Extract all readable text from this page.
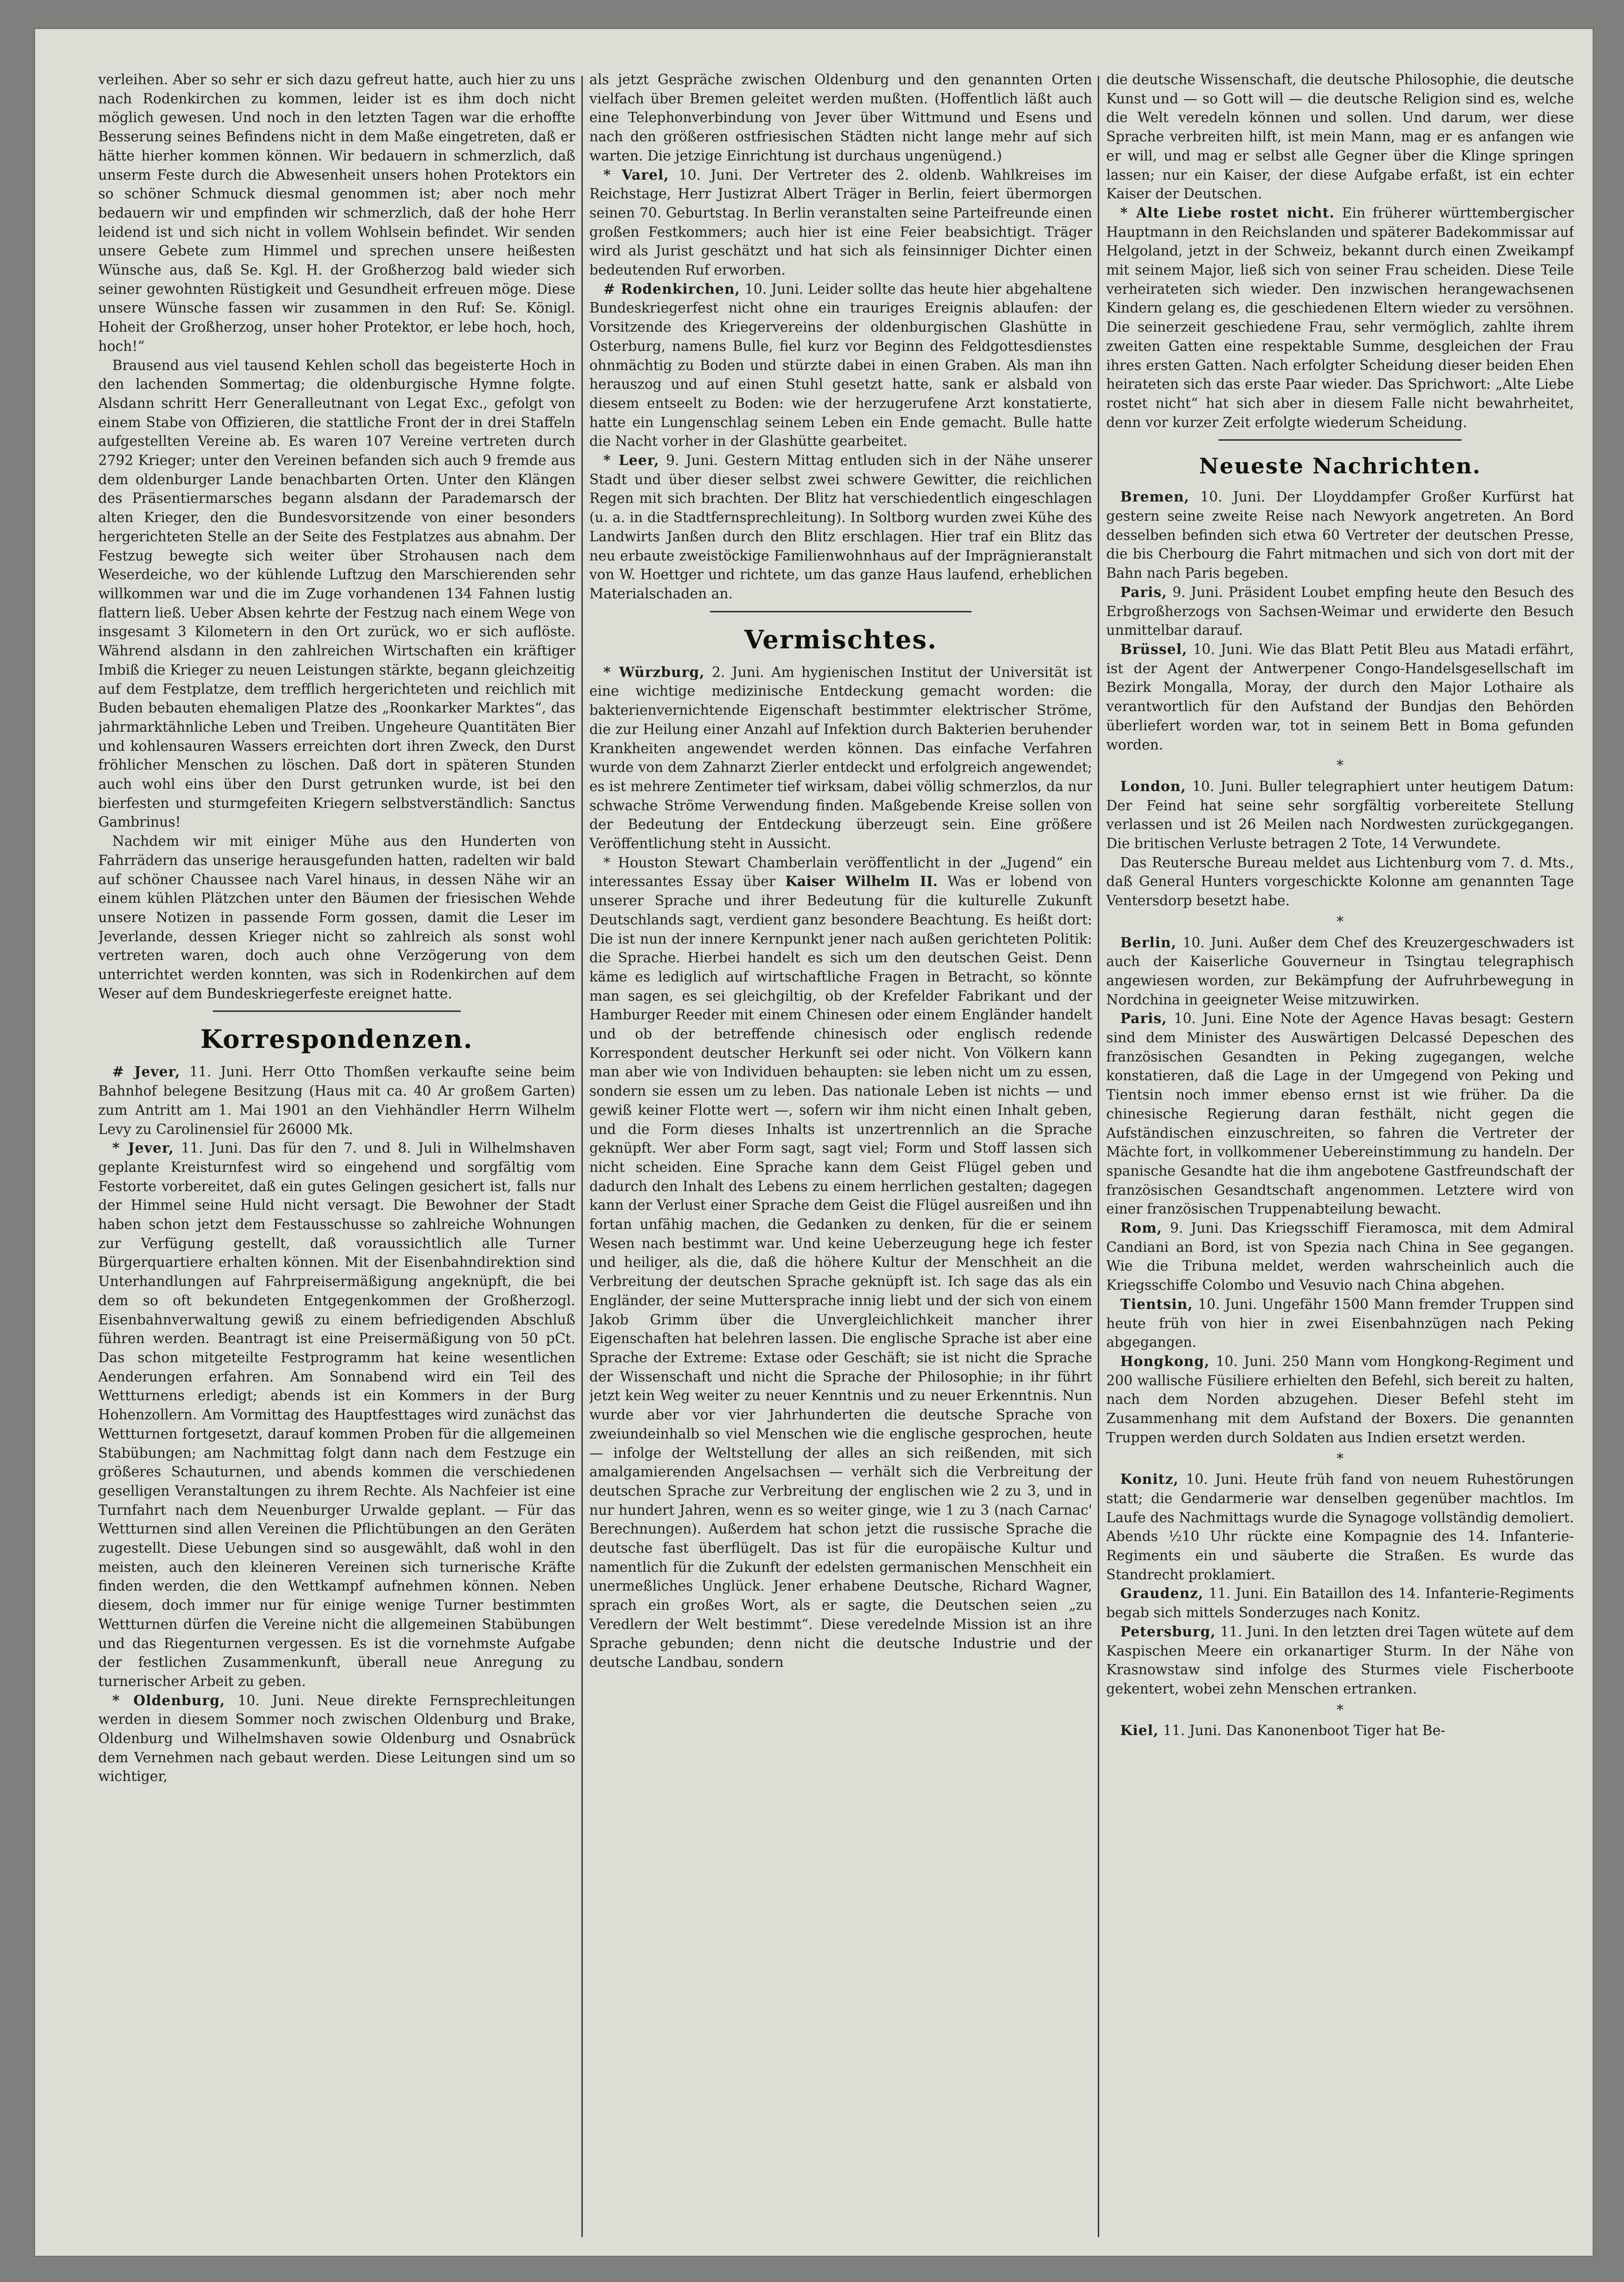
verleihen. Aber so sehr er sich dazu gefreut hatte, auch hier zu uns nach Rodenkirchen zu kommen, leider ist es ihm doch nicht möglich gewesen. Und noch in den letzten Tagen war die erhoffte Besserung seines Befindens nicht in dem Maße eingetreten, daß er hätte hierher kommen können. Wir bedauern in schmerzlich, daß unserm Feste durch die Abwesenheit unsers hohen Protektors ein so schöner Schmuck diesmal genommen ist; aber noch mehr bedauern wir und empfinden wir schmerzlich, daß der hohe Herr leidend ist und sich nicht in vollem Wohlsein befindet. Wir senden unsere Gebete zum Himmel und sprechen unsere heißesten Wünsche aus, daß Se. Kgl. H. der Großherzog bald wieder sich seiner gewohnten Rüstigkeit und Gesundheit erfreuen möge. Diese unsere Wünsche fassen wir zusammen in den Ruf: Se. Königl. Hoheit der Großherzog, unser hoher Protektor, er lebe hoch, hoch, hoch!“

Brausend aus viel tausend Kehlen scholl das begeisterte Hoch in den lachenden Sommertag; die oldenburgische Hymne folgte. Alsdann schritt Herr Generalleutnant von Legat Exc., gefolgt von einem Stabe von Offizieren, die stattliche Front der in drei Staffeln aufgestellten Vereine ab. Es waren 107 Vereine vertreten durch 2792 Krieger; unter den Vereinen befanden sich auch 9 fremde aus dem oldenburger Lande benachbarten Orten. Unter den Klängen des Präsentiermarsches begann alsdann der Parademarsch der alten Krieger, den die Bundesvorsitzende von einer besonders hergerichteten Stelle an der Seite des Festplatzes aus abnahm. Der Festzug bewegte sich weiter über Strohausen nach dem Weserdeiche, wo der kühlende Luftzug den Marschierenden sehr willkommen war und die im Zuge vorhandenen 134 Fahnen lustig flattern ließ. Ueber Absen kehrte der Festzug nach einem Wege von insgesamt 3 Kilometern in den Ort zurück, wo er sich auflöste. Während alsdann in den zahlreichen Wirtschaften ein kräftiger Imbiß die Krieger zu neuen Leistungen stärkte, begann gleichzeitig auf dem Festplatze, dem trefflich hergerichteten und reichlich mit Buden bebauten ehemaligen Platze des „Roonkarker Marktes“, das jahrmarktähnliche Leben und Treiben. Ungeheure Quantitäten Bier und kohlensauren Wassers erreichten dort ihren Zweck, den Durst fröhlicher Menschen zu löschen. Daß dort in späteren Stunden auch wohl eins über den Durst getrunken wurde, ist bei den bierfesten und sturmgefeiten Kriegern selbstverständlich: Sanctus Gambrinus!

Nachdem wir mit einiger Mühe aus den Hunderten von Fahrrädern das unserige herausgefunden hatten, radelten wir bald auf schöner Chaussee nach Varel hinaus, in dessen Nähe wir an einem kühlen Plätzchen unter den Bäumen der friesischen Wehde unsere Notizen in passende Form gossen, damit die Leser im Jeverlande, dessen Krieger nicht so zahlreich als sonst wohl vertreten waren, doch auch ohne Verzögerung von dem unterrichtet werden konnten, was sich in Rodenkirchen auf dem Weser auf dem Bundeskriegerfeste ereignet hatte.

Korrespondenzen.

# Jever, 11. Juni. Herr Otto Thomßen verkaufte seine beim Bahnhof belegene Besitzung (Haus mit ca. 40 Ar großem Garten) zum Antritt am 1. Mai 1901 an den Viehhändler Herrn Wilhelm Levy zu Carolinensiel für 26000 Mk.

* Jever, 11. Juni. Das für den 7. und 8. Juli in Wilhelmshaven geplante Kreisturnfest wird so eingehend und sorgfältig vom Festorte vorbereitet, daß ein gutes Gelingen gesichert ist, falls nur der Himmel seine Huld nicht versagt. Die Bewohner der Stadt haben schon jetzt dem Festausschusse so zahlreiche Wohnungen zur Verfügung gestellt, daß voraussichtlich alle Turner Bürgerquartiere erhalten können. Mit der Eisenbahndirektion sind Unterhandlungen auf Fahrpreisermäßigung angeknüpft, die bei dem so oft bekundeten Entgegenkommen der Großherzogl. Eisenbahnverwaltung gewiß zu einem befriedigenden Abschluß führen werden. Beantragt ist eine Preisermäßigung von 50 pCt. Das schon mitgeteilte Festprogramm hat keine wesentlichen Aenderungen erfahren. Am Sonnabend wird ein Teil des Wettturnens erledigt; abends ist ein Kommers in der Burg Hohenzollern. Am Vormittag des Hauptfesttages wird zunächst das Wettturnen fortgesetzt, darauf kommen Proben für die allgemeinen Stabübungen; am Nachmittag folgt dann nach dem Festzuge ein größeres Schauturnen, und abends kommen die verschiedenen geselligen Veranstaltungen zu ihrem Rechte. Als Nachfeier ist eine Turnfahrt nach dem Neuenburger Urwalde geplant. — Für das Wettturnen sind allen Vereinen die Pflichtübungen an den Geräten zugestellt. Diese Uebungen sind so ausgewählt, daß wohl in den meisten, auch den kleineren Vereinen sich turnerische Kräfte finden werden, die den Wettkampf aufnehmen können. Neben diesem, doch immer nur für einige wenige Turner bestimmten Wettturnen dürfen die Vereine nicht die allgemeinen Stabübungen und das Riegenturnen vergessen. Es ist die vornehmste Aufgabe der festlichen Zusammenkunft, überall neue Anregung zu turnerischer Arbeit zu geben.

* Oldenburg, 10. Juni. Neue direkte Fernsprechleitungen werden in diesem Sommer noch zwischen Oldenburg und Brake, Oldenburg und Wilhelmshaven sowie Oldenburg und Osnabrück dem Vernehmen nach gebaut werden. Diese Leitungen sind um so wichtiger,

als jetzt Gespräche zwischen Oldenburg und den genannten Orten vielfach über Bremen geleitet werden mußten. (Hoffentlich läßt auch eine Telephonverbindung von Jever über Wittmund und Esens und nach den größeren ostfriesischen Städten nicht lange mehr auf sich warten. Die jetzige Einrichtung ist durchaus ungenügend.)

* Varel, 10. Juni. Der Vertreter des 2. oldenb. Wahlkreises im Reichstage, Herr Justizrat Albert Träger in Berlin, feiert übermorgen seinen 70. Geburtstag. In Berlin veranstalten seine Parteifreunde einen großen Festkommers; auch hier ist eine Feier beabsichtigt. Träger wird als Jurist geschätzt und hat sich als feinsinniger Dichter einen bedeutenden Ruf erworben.

# Rodenkirchen, 10. Juni. Leider sollte das heute hier abgehaltene Bundeskriegerfest nicht ohne ein trauriges Ereignis ablaufen: der Vorsitzende des Kriegervereins der oldenburgischen Glashütte in Osterburg, namens Bulle, fiel kurz vor Beginn des Feldgottesdienstes ohnmächtig zu Boden und stürzte dabei in einen Graben. Als man ihn herauszog und auf einen Stuhl gesetzt hatte, sank er alsbald von diesem entseelt zu Boden: wie der herzugerufene Arzt konstatierte, hatte ein Lungenschlag seinem Leben ein Ende gemacht. Bulle hatte die Nacht vorher in der Glashütte gearbeitet.

* Leer, 9. Juni. Gestern Mittag entluden sich in der Nähe unserer Stadt und über dieser selbst zwei schwere Gewitter, die reichlichen Regen mit sich brachten. Der Blitz hat verschiedentlich eingeschlagen (u. a. in die Stadtfernsprechleitung). In Soltborg wurden zwei Kühe des Landwirts Janßen durch den Blitz erschlagen. Hier traf ein Blitz das neu erbaute zweistöckige Familienwohnhaus auf der Imprägnieranstalt von W. Hoettger und richtete, um das ganze Haus laufend, erheblichen Materialschaden an.

Vermischtes.

* Würzburg, 2. Juni. Am hygienischen Institut der Universität ist eine wichtige medizinische Entdeckung gemacht worden: die bakterienvernichtende Eigenschaft bestimmter elektrischer Ströme, die zur Heilung einer Anzahl auf Infektion durch Bakterien beruhender Krankheiten angewendet werden können. Das einfache Verfahren wurde von dem Zahnarzt Zierler entdeckt und erfolgreich angewendet; es ist mehrere Zentimeter tief wirksam, dabei völlig schmerzlos, da nur schwache Ströme Verwendung finden. Maßgebende Kreise sollen von der Bedeutung der Entdeckung überzeugt sein. Eine größere Veröffentlichung steht in Aussicht.

* Houston Stewart Chamberlain veröffentlicht in der „Jugend“ ein interessantes Essay über Kaiser Wilhelm II. Was er lobend von unserer Sprache und ihrer Bedeutung für die kulturelle Zukunft Deutschlands sagt, verdient ganz besondere Beachtung. Es heißt dort: Die ist nun der innere Kernpunkt jener nach außen gerichteten Politik: die Sprache. Hierbei handelt es sich um den deutschen Geist. Denn käme es lediglich auf wirtschaftliche Fragen in Betracht, so könnte man sagen, es sei gleichgiltig, ob der Krefelder Fabrikant und der Hamburger Reeder mit einem Chinesen oder einem Engländer handelt und ob der betreffende chinesisch oder englisch redende Korrespondent deutscher Herkunft sei oder nicht. Von Völkern kann man aber wie von Individuen behaupten: sie leben nicht um zu essen, sondern sie essen um zu leben. Das nationale Leben ist nichts — und gewiß keiner Flotte wert —, sofern wir ihm nicht einen Inhalt geben, und die Form dieses Inhalts ist unzertrennlich an die Sprache geknüpft. Wer aber Form sagt, sagt viel; Form und Stoff lassen sich nicht scheiden. Eine Sprache kann dem Geist Flügel geben und dadurch den Inhalt des Lebens zu einem herrlichen gestalten; dagegen kann der Verlust einer Sprache dem Geist die Flügel ausreißen und ihn fortan unfähig machen, die Gedanken zu denken, für die er seinem Wesen nach bestimmt war. Und keine Ueberzeugung hege ich fester und heiliger, als die, daß die höhere Kultur der Menschheit an die Verbreitung der deutschen Sprache geknüpft ist. Ich sage das als ein Engländer, der seine Muttersprache innig liebt und der sich von einem Jakob Grimm über die Unvergleichlichkeit mancher ihrer Eigenschaften hat belehren lassen. Die englische Sprache ist aber eine Sprache der Extreme: Extase oder Geschäft; sie ist nicht die Sprache der Wissenschaft und nicht die Sprache der Philosophie; in ihr führt jetzt kein Weg weiter zu neuer Kenntnis und zu neuer Erkenntnis. Nun wurde aber vor vier Jahrhunderten die deutsche Sprache von zweiundeinhalb so viel Menschen wie die englische gesprochen, heute — infolge der Weltstellung der alles an sich reißenden, mit sich amalgamierenden Angelsachsen — verhält sich die Verbreitung der deutschen Sprache zur Verbreitung der englischen wie 2 zu 3, und in nur hundert Jahren, wenn es so weiter ginge, wie 1 zu 3 (nach Carnac' Berechnungen). Außerdem hat schon jetzt die russische Sprache die deutsche fast überflügelt. Das ist für die europäische Kultur und namentlich für die Zukunft der edelsten germanischen Menschheit ein unermeßliches Unglück. Jener erhabene Deutsche, Richard Wagner, sprach ein großes Wort, als er sagte, die Deutschen seien „zu Veredlern der Welt bestimmt“. Diese veredelnde Mission ist an ihre Sprache gebunden; denn nicht die deutsche Industrie und der deutsche Landbau, sondern

die deutsche Wissenschaft, die deutsche Philosophie, die deutsche Kunst und — so Gott will — die deutsche Religion sind es, welche die Welt veredeln können und sollen. Und darum, wer diese Sprache verbreiten hilft, ist mein Mann, mag er es anfangen wie er will, und mag er selbst alle Gegner über die Klinge springen lassen; nur ein Kaiser, der diese Aufgabe erfaßt, ist ein echter Kaiser der Deutschen.

* Alte Liebe rostet nicht. Ein früherer württembergischer Hauptmann in den Reichslanden und späterer Badekommissar auf Helgoland, jetzt in der Schweiz, bekannt durch einen Zweikampf mit seinem Major, ließ sich von seiner Frau scheiden. Diese Teile verheirateten sich wieder. Den inzwischen herangewachsenen Kindern gelang es, die geschiedenen Eltern wieder zu versöhnen. Die seinerzeit geschiedene Frau, sehr vermöglich, zahlte ihrem zweiten Gatten eine respektable Summe, desgleichen der Frau ihres ersten Gatten. Nach erfolgter Scheidung dieser beiden Ehen heirateten sich das erste Paar wieder. Das Sprichwort: „Alte Liebe rostet nicht“ hat sich aber in diesem Falle nicht bewahrheitet, denn vor kurzer Zeit erfolgte wiederum Scheidung.

Neueste Nachrichten.

Bremen, 10. Juni. Der Lloyddampfer Großer Kurfürst hat gestern seine zweite Reise nach Newyork angetreten. An Bord desselben befinden sich etwa 60 Vertreter der deutschen Presse, die bis Cherbourg die Fahrt mitmachen und sich von dort mit der Bahn nach Paris begeben.

Paris, 9. Juni. Präsident Loubet empfing heute den Besuch des Erbgroßherzogs von Sachsen-Weimar und erwiderte den Besuch unmittelbar darauf.

Brüssel, 10. Juni. Wie das Blatt Petit Bleu aus Matadi erfährt, ist der Agent der Antwerpener Congo-Handelsgesellschaft im Bezirk Mongalla, Moray, der durch den Major Lothaire als verantwortlich für den Aufstand der Bundjas den Behörden überliefert worden war, tot in seinem Bett in Boma gefunden worden.

*

London, 10. Juni. Buller telegraphiert unter heutigem Datum: Der Feind hat seine sehr sorgfältig vorbereitete Stellung verlassen und ist 26 Meilen nach Nordwesten zurückgegangen. Die britischen Verluste betragen 2 Tote, 14 Verwundete.

Das Reutersche Bureau meldet aus Lichtenburg vom 7. d. Mts., daß General Hunters vorgeschickte Kolonne am genannten Tage Ventersdorp besetzt habe.

*

Berlin, 10. Juni. Außer dem Chef des Kreuzergeschwaders ist auch der Kaiserliche Gouverneur in Tsingtau telegraphisch angewiesen worden, zur Bekämpfung der Aufruhrbewegung in Nordchina in geeigneter Weise mitzuwirken.

Paris, 10. Juni. Eine Note der Agence Havas besagt: Gestern sind dem Minister des Auswärtigen Delcassé Depeschen des französischen Gesandten in Peking zugegangen, welche konstatieren, daß die Lage in der Umgegend von Peking und Tientsin noch immer ebenso ernst ist wie früher. Da die chinesische Regierung daran festhält, nicht gegen die Aufständischen einzuschreiten, so fahren die Vertreter der Mächte fort, in vollkommener Uebereinstimmung zu handeln. Der spanische Gesandte hat die ihm angebotene Gastfreundschaft der französischen Gesandtschaft angenommen. Letztere wird von einer französischen Truppenabteilung bewacht.

Rom, 9. Juni. Das Kriegsschiff Fieramosca, mit dem Admiral Candiani an Bord, ist von Spezia nach China in See gegangen. Wie die Tribuna meldet, werden wahrscheinlich auch die Kriegsschiffe Colombo und Vesuvio nach China abgehen.

Tientsin, 10. Juni. Ungefähr 1500 Mann fremder Truppen sind heute früh von hier in zwei Eisenbahnzügen nach Peking abgegangen.

Hongkong, 10. Juni. 250 Mann vom Hongkong-Regiment und 200 wallische Füsiliere erhielten den Befehl, sich bereit zu halten, nach dem Norden abzugehen. Dieser Befehl steht im Zusammenhang mit dem Aufstand der Boxers. Die genannten Truppen werden durch Soldaten aus Indien ersetzt werden.

*

Konitz, 10. Juni. Heute früh fand von neuem Ruhestörungen statt; die Gendarmerie war denselben gegenüber machtlos. Im Laufe des Nachmittags wurde die Synagoge vollständig demoliert. Abends ½10 Uhr rückte eine Kompagnie des 14. Infanterie-Regiments ein und säuberte die Straßen. Es wurde das Standrecht proklamiert.

Graudenz, 11. Juni. Ein Bataillon des 14. Infanterie-Regiments begab sich mittels Sonderzuges nach Konitz.

Petersburg, 11. Juni. In den letzten drei Tagen wütete auf dem Kaspischen Meere ein orkanartiger Sturm. In der Nähe von Krasnowstaw sind infolge des Sturmes viele Fischerboote gekentert, wobei zehn Menschen ertranken.

*

Kiel, 11. Juni. Das Kanonenboot Tiger hat Be-
